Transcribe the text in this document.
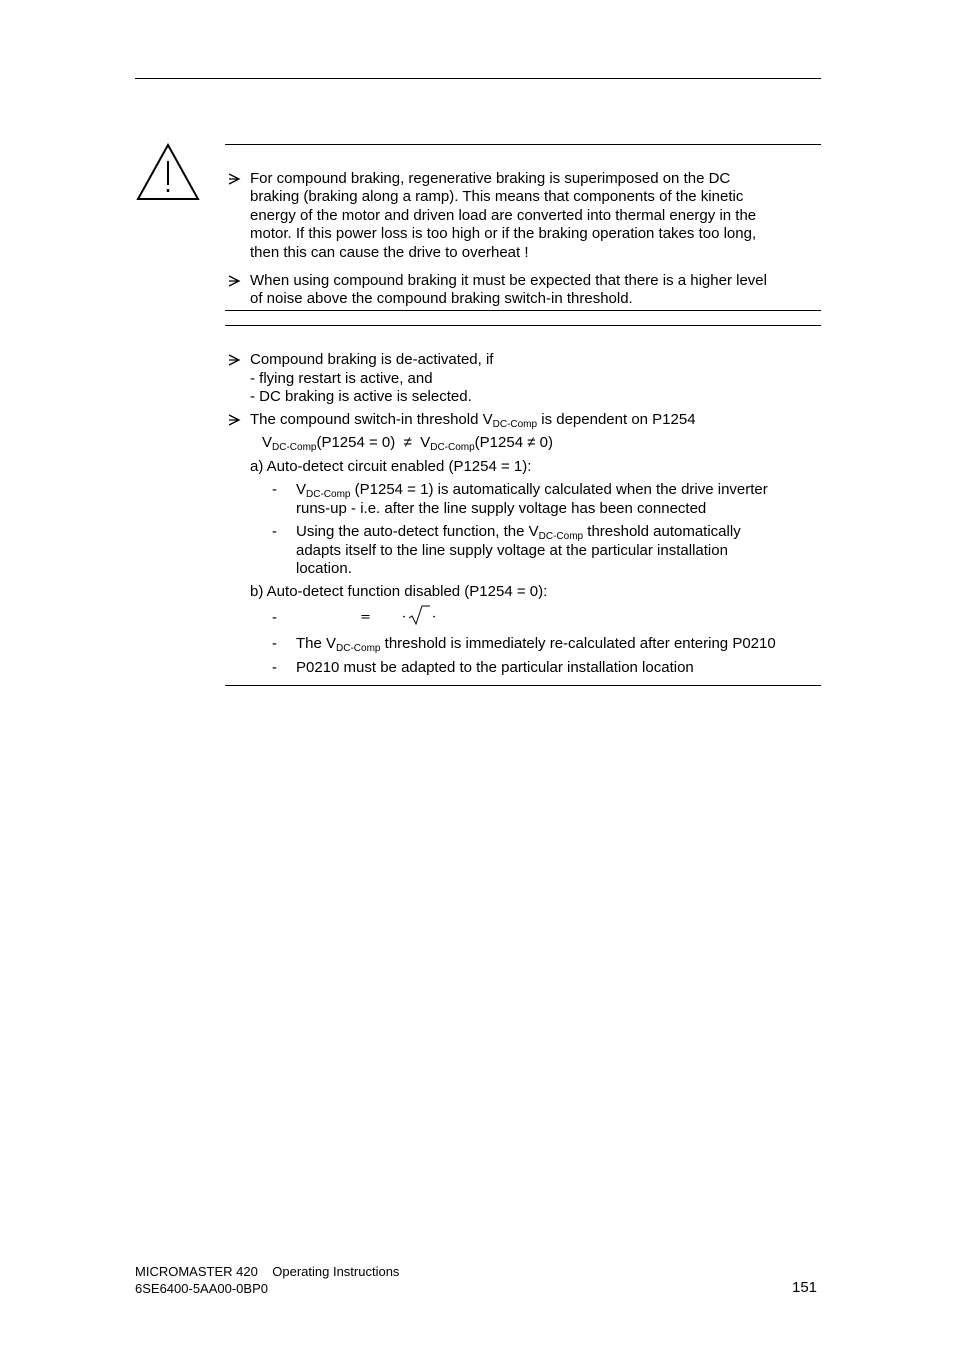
For compound braking, regenerative braking is superimposed on the DC
braking (braking along a ramp). This means that components of the kinetic
energy of the motor and driven load are converted into thermal energy in the
motor. If this power loss is too high or if the braking operation takes too long,
then this can cause the drive to overheat !
When using compound braking it must be expected that there is a higher level
of noise above the compound braking switch-in threshold.
Compound braking is de-activated, if
- flying restart is active, and
- DC braking is active is selected.
The compound switch-in threshold $V_{DC-Comp}$ is dependent on P1254
$V_{DC-Comp}(P1254 = 0) \ne V_{DC-Comp}(P1254 \ne 0)$
a) Auto-detect circuit enabled (P1254 = 1):
- $V_{DC-Comp}$ (P1254 = 1) is automatically calculated when the drive inverter
runs-up - i.e. after the line supply voltage has been connected
- Using the auto-detect function, the $V_{DC-Comp}$ threshold automatically
adapts itself to the line supply voltage at the particular installation
location.
b) Auto-detect function disabled (P1254 = 0):
-	= · ·
- The $V_{DC-Comp}$ threshold is immediately re-calculated after entering P0210
- P0210 must be adapted to the particular installation location
MICROMASTER 420    Operating Instructions
6SE6400-5AA00-0BP0	151
